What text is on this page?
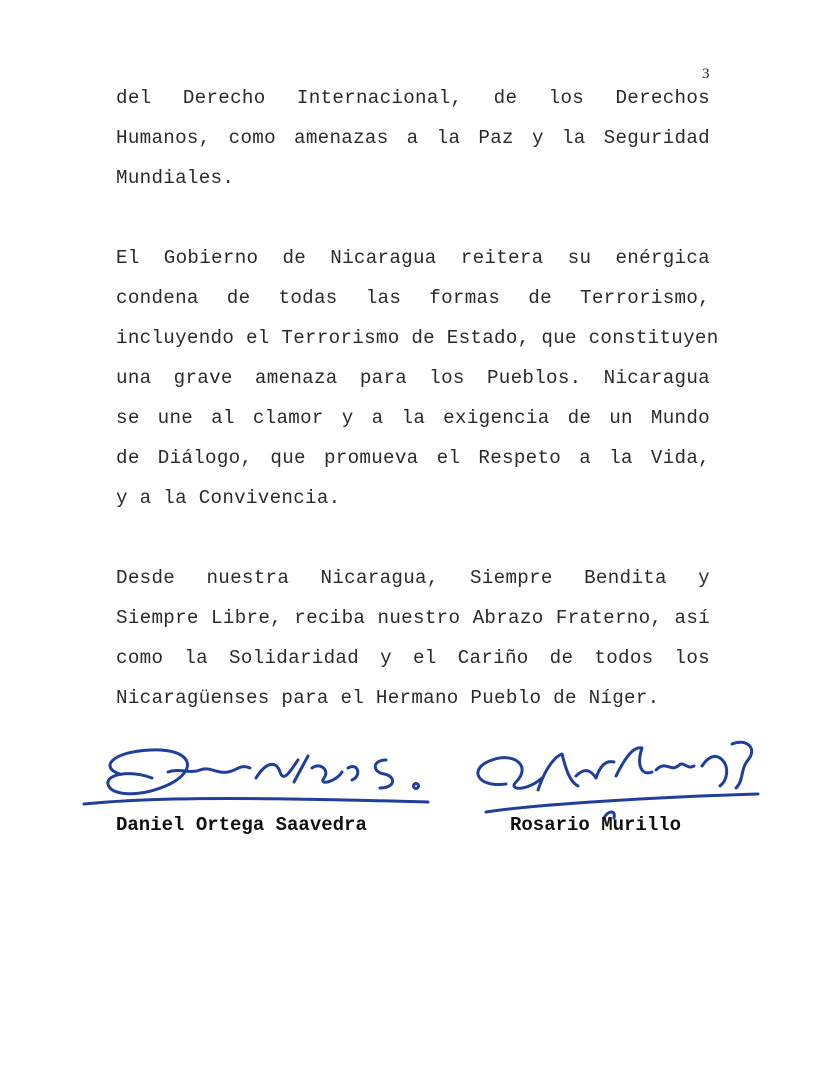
3
del Derecho Internacional, de los Derechos
Humanos, como amenazas a la Paz y la Seguridad
Mundiales.
El Gobierno de Nicaragua reitera su enérgica
condena de todas las formas de Terrorismo,
incluyendo el Terrorismo de Estado, que constituyen
una grave amenaza para los Pueblos. Nicaragua
se une al clamor y a la exigencia de un Mundo
de Diálogo, que promueva el Respeto a la Vida,
y a la Convivencia.
Desde nuestra Nicaragua, Siempre Bendita y
Siempre Libre, reciba nuestro Abrazo Fraterno, así
como la Solidaridad y el Cariño de todos los
Nicaragüenses para el Hermano Pueblo de Níger.
Daniel Ortega Saavedra	Rosario Murillo
